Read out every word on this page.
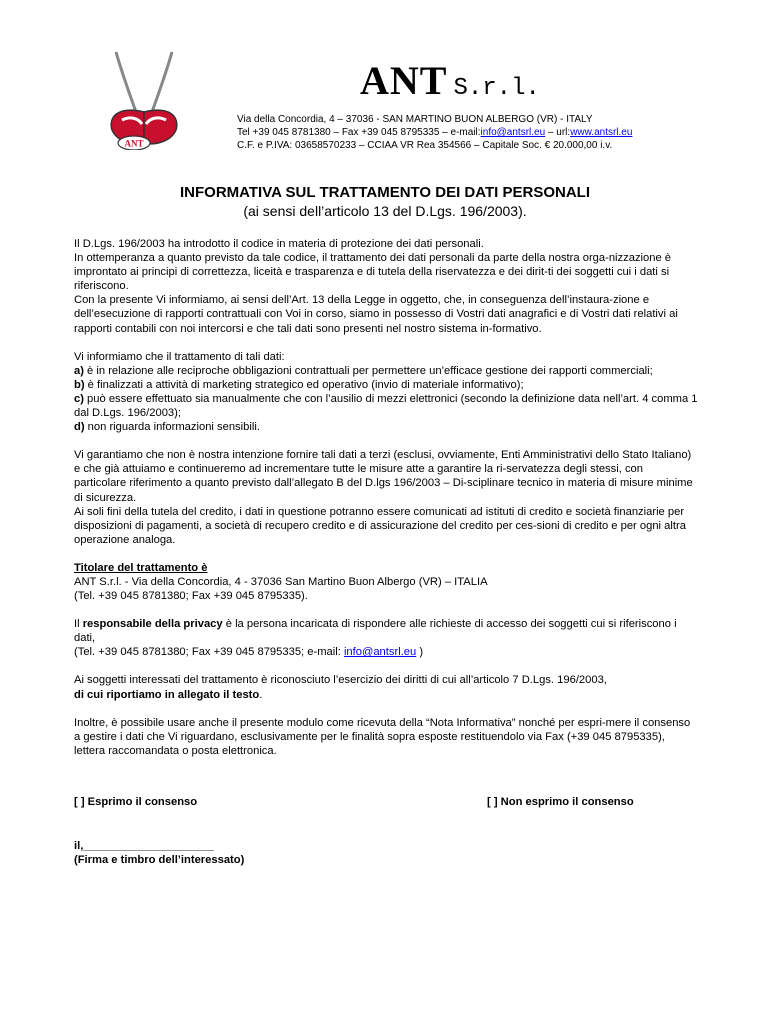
ANT
ANT S.r.l.
Via della Concordia, 4 – 37036 - SAN MARTINO BUON ALBERGO (VR) - ITALY
Tel +39 045 8781380 – Fax +39 045 8795335 – e-mail:info@antsrl.eu – url:www.antsrl.eu
C.F. e P.IVA: 03658570233 – CCIAA VR Rea 354566 – Capitale Soc. € 20.000,00 i.v.
INFORMATIVA SUL TRATTAMENTO DEI DATI PERSONALI
(ai sensi dell’articolo 13 del D.Lgs. 196/2003).

Il D.Lgs. 196/2003 ha introdotto il codice in materia di protezione dei dati personali.

In ottemperanza a quanto previsto da tale codice, il trattamento dei dati personali da parte della nostra orga-nizzazione è improntato ai principi di correttezza, liceità e trasparenza e di tutela della riservatezza e dei dirit-ti dei soggetti cui i dati si riferiscono.

Con la presente Vi informiamo, ai sensi dell’Art. 13 della Legge in oggetto, che, in conseguenza dell’instaura-zione e dell’esecuzione di rapporti contrattuali con Voi in corso, siamo in possesso di Vostri dati anagrafici e di Vostri dati relativi ai rapporti contabili con noi intercorsi e che tali dati sono presenti nel nostro sistema in-formativo.

Vi informiamo che il trattamento di tali dati:

a) è in relazione alle reciproche obbligazioni contrattuali per permettere un’efficace gestione dei rapporti commerciali;

b) è finalizzati a attività di marketing strategico ed operativo (invio di materiale informativo);

c) può essere effettuato sia manualmente che con l’ausilio di mezzi elettronici (secondo la definizione data nell’art. 4 comma 1 dal D.Lgs. 196/2003);

d) non riguarda informazioni sensibili.

Vi garantiamo che non è nostra intenzione fornire tali dati a terzi (esclusi, ovviamente, Enti Amministrativi dello Stato Italiano) e che già attuiamo e continueremo ad incrementare tutte le misure atte a garantire la ri-servatezza degli stessi, con particolare riferimento a quanto previsto dall’allegato B del D.lgs 196/2003 – Di-sciplinare tecnico in materia di misure minime di sicurezza.

Ai soli fini della tutela del credito, i dati in questione potranno essere comunicati ad istituti di credito e società finanziarie per disposizioni di pagamenti, a società di recupero credito e di assicurazione del credito per ces-sioni di credito e per ogni altra operazione analoga.

Titolare del trattamento è

ANT S.r.l. - Via della Concordia, 4 - 37036 San Martino Buon Albergo (VR) – ITALIA

(Tel. +39 045 8781380; Fax +39 045 8795335).

Il responsabile della privacy è la persona incaricata di rispondere alle richieste di accesso dei soggetti cui si riferiscono i dati,

(Tel. +39 045 8781380; Fax +39 045 8795335; e-mail: info@antsrl.eu )

Ai soggetti interessati del trattamento è riconosciuto l’esercizio dei diritti di cui all’articolo 7 D.Lgs. 196/2003,
di cui riportiamo in allegato il testo.

Inoltre, è possibile usare anche il presente modulo come ricevuta della “Nota Informativa” nonché per espri-mere il consenso a gestire i dati che Vi riguardano, esclusivamente per le finalità sopra esposte restituendolo via Fax (+39 045 8795335), lettera raccomandata o posta elettronica.

[ ] Esprimo il consenso	[ ] Non esprimo il consenso
il,_____________________
(Firma e timbro dell’interessato)
